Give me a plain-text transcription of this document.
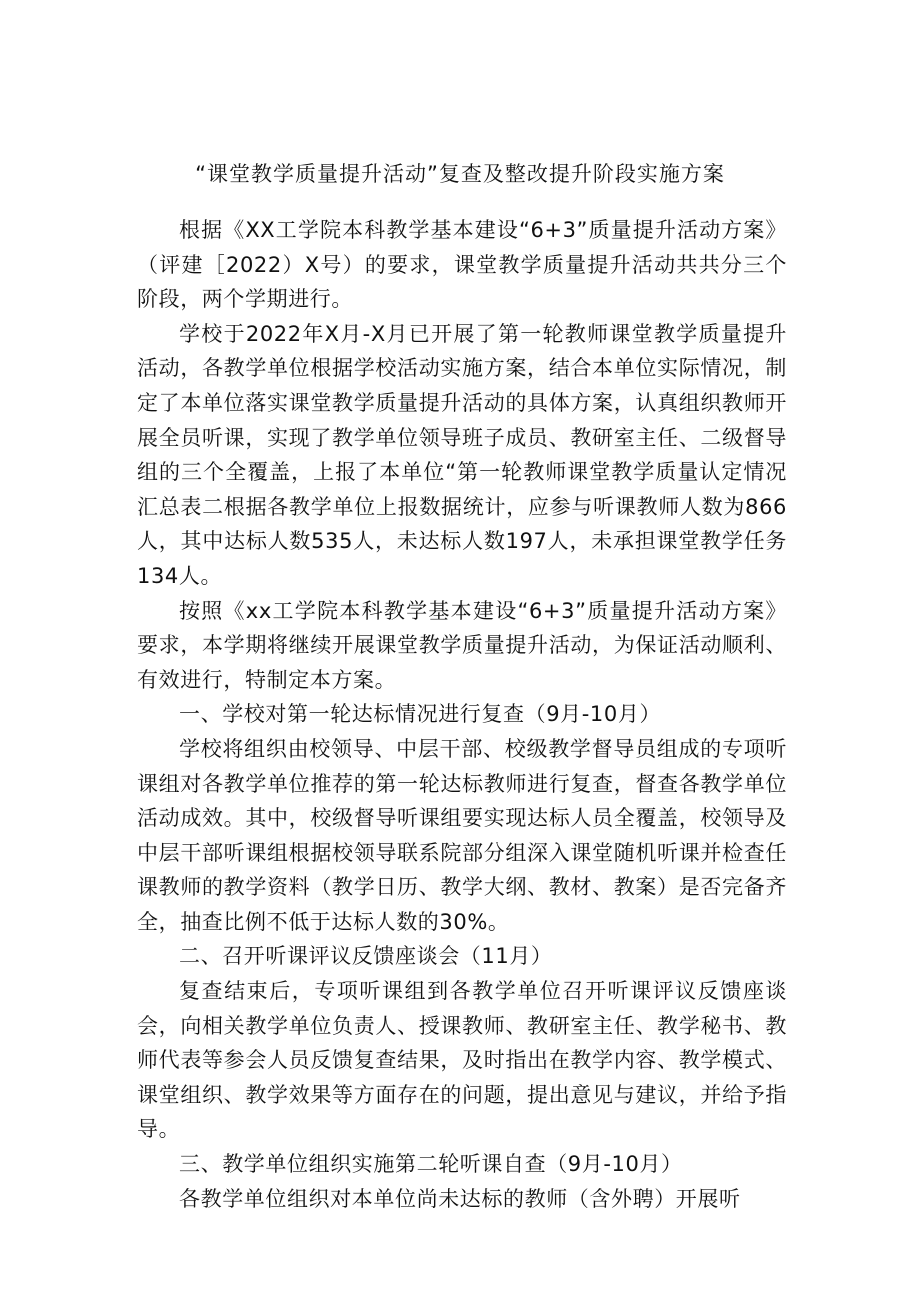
“课堂教学质量提升活动”复查及整改提升阶段实施方案

根据《XX工学院本科教学基本建设“6+3”质量提升活动方案》（评建［2022）X号）的要求，课堂教学质量提升活动共共分三个阶段，两个学期进行。

学校于2022年X月-X月已开展了第一轮教师课堂教学质量提升活动，各教学单位根据学校活动实施方案，结合本单位实际情况，制定了本单位落实课堂教学质量提升活动的具体方案，认真组织教师开展全员听课，实现了教学单位领导班子成员、教研室主任、二级督导组的三个全覆盖，上报了本单位“第一轮教师课堂教学质量认定情况汇总表二根据各教学单位上报数据统计，应参与听课教师人数为866人，其中达标人数535人，未达标人数197人，未承担课堂教学任务134人。

按照《xx工学院本科教学基本建设“6+3”质量提升活动方案》要求，本学期将继续开展课堂教学质量提升活动，为保证活动顺利、有效进行，特制定本方案。

一、学校对第一轮达标情况进行复查（9月-10月）

学校将组织由校领导、中层干部、校级教学督导员组成的专项听课组对各教学单位推荐的第一轮达标教师进行复查，督查各教学单位活动成效。其中，校级督导听课组要实现达标人员全覆盖，校领导及中层干部听课组根据校领导联系院部分组深入课堂随机听课并检查任课教师的教学资料（教学日历、教学大纲、教材、教案）是否完备齐全，抽查比例不低于达标人数的30%。

二、召开听课评议反馈座谈会（11月）

复查结束后，专项听课组到各教学单位召开听课评议反馈座谈会，向相关教学单位负责人、授课教师、教研室主任、教学秘书、教师代表等参会人员反馈复查结果，及时指出在教学内容、教学模式、课堂组织、教学效果等方面存在的问题，提出意见与建议，并给予指导。

三、教学单位组织实施第二轮听课自查（9月-10月）

各教学单位组织对本单位尚未达标的教师（含外聘）开展听
